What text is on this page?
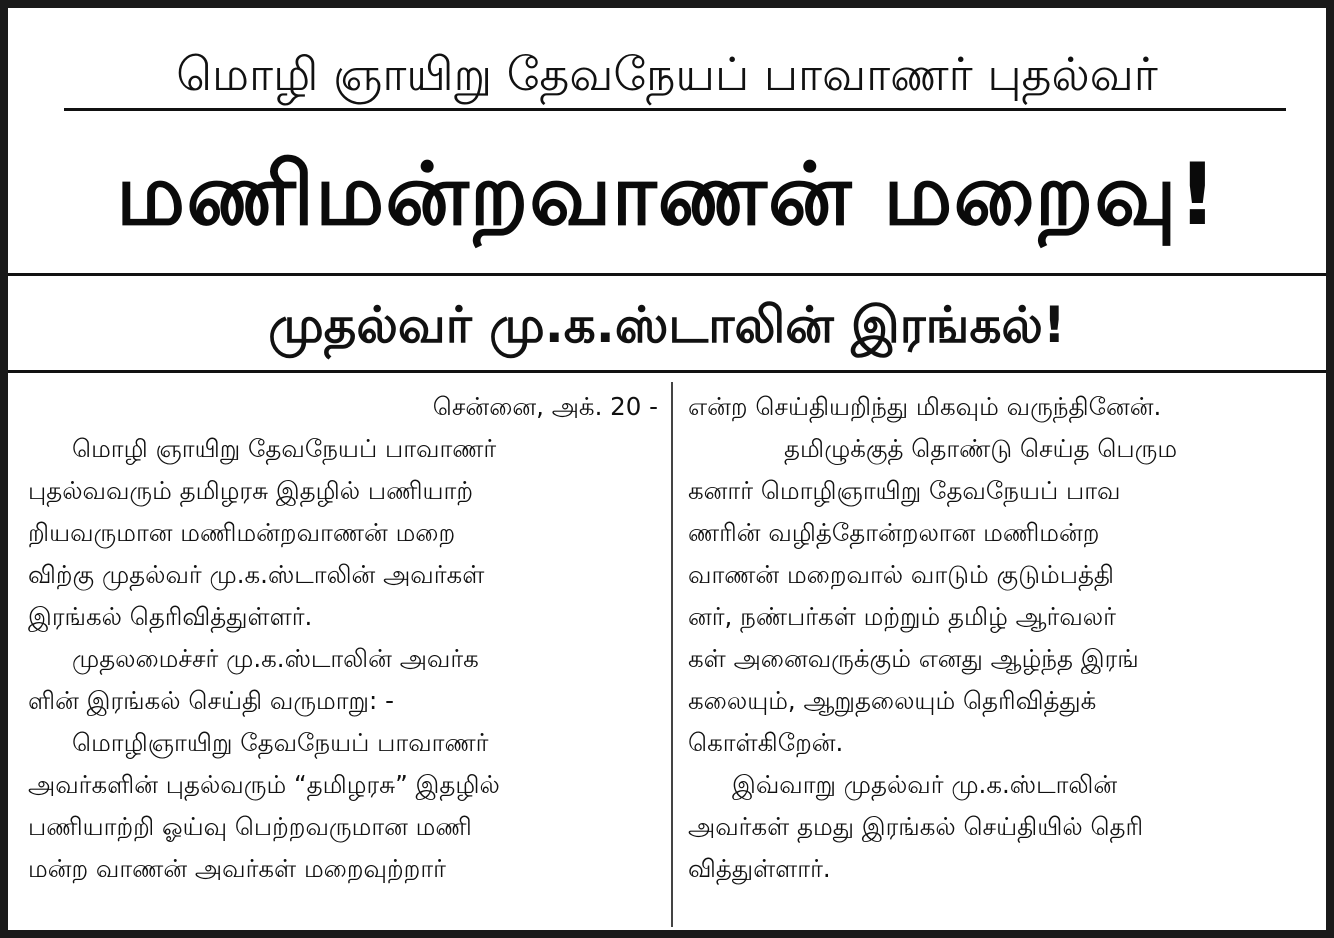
மொழி ஞாயிறு தேவநேயப் பாவாணர் புதல்வர்
மணிமன்றவாணன் மறைவு!
முதல்வர் மு.க.ஸ்டாலின் இரங்கல்!
சென்னை, அக். 20 -
மொழி ஞாயிறு தேவநேயப் பாவாணர்
புதல்வவரும் தமிழரசு இதழில் பணியாற்
றியவருமான மணிமன்றவாணன் மறை
விற்கு முதல்வர் மு.க.ஸ்டாலின் அவர்கள்
இரங்கல் தெரிவித்துள்ளர்.
முதலமைச்சர் மு.க.ஸ்டாலின் அவர்க
ளின் இரங்கல் செய்தி வருமாறு: -
மொழிஞாயிறு தேவநேயப் பாவாணர்
அவர்களின் புதல்வரும் “தமிழரசு” இதழில்
பணியாற்றி ஓய்வு பெற்றவருமான மணி
மன்ற வாணன் அவர்கள் மறைவுற்றார்
என்ற செய்தியறிந்து மிகவும் வருந்தினேன்.
தமிழுக்குத் தொண்டு செய்த பெரும
கனார் மொழிஞாயிறு தேவநேயப் பாவ
ணரின் வழித்தோன்றலான மணிமன்ற
வாணன் மறைவால் வாடும் குடும்பத்தி
னர், நண்பர்கள் மற்றும் தமிழ் ஆர்வலர்
கள் அனைவருக்கும் எனது ஆழ்ந்த இரங்
கலையும், ஆறுதலையும் தெரிவித்துக்
கொள்கிறேன்.
இவ்வாறு முதல்வர் மு.க.ஸ்டாலின்
அவர்கள் தமது இரங்கல் செய்தியில் தெரி
வித்துள்ளார்.
